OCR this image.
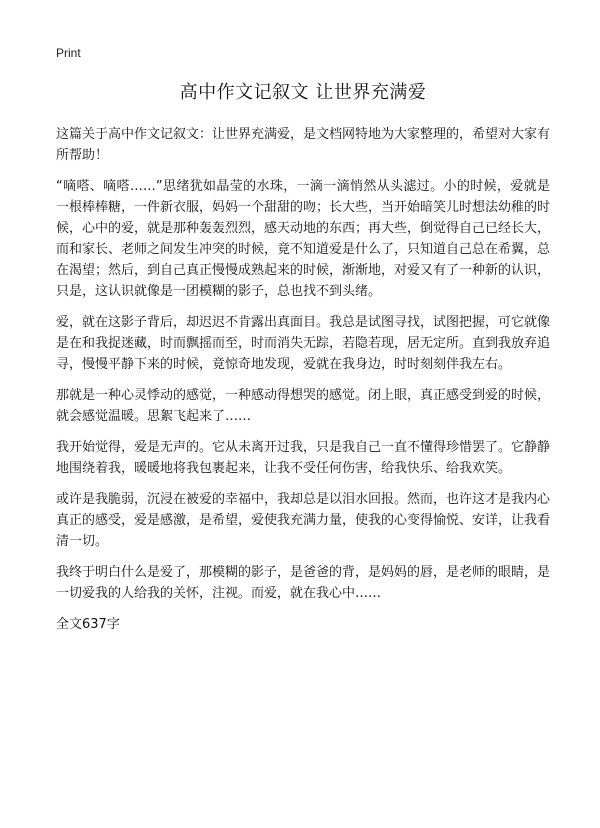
Print
高中作文记叙文 让世界充满爱

这篇关于高中作文记叙文：让世界充满爱，是文档网特地为大家整理的，希望对大家有所帮助！

“嘀嗒、嘀嗒……”思绪犹如晶莹的水珠，一滴一滴悄然从头滤过。小的时候，爱就是一根棒棒糖，一件新衣服，妈妈一个甜甜的吻；长大些，当开始暗笑儿时想法幼稚的时候，心中的爱，就是那种轰轰烈烈，感天动地的东西；再大些，倒觉得自己已经长大，而和家长、老师之间发生冲突的时候，竟不知道爱是什么了，只知道自己总在希翼，总在渴望；然后，到自己真正慢慢成熟起来的时候，渐渐地，对爱又有了一种新的认识，只是，这认识就像是一团模糊的影子，总也找不到头绪。

爱，就在这影子背后，却迟迟不肯露出真面目。我总是试图寻找，试图把握，可它就像是在和我捉迷藏，时而飘摇而至，时而消失无踪，若隐若现，居无定所。直到我放弃追寻，慢慢平静下来的时候，竟惊奇地发现，爱就在我身边，时时刻刻伴我左右。

那就是一种心灵悸动的感觉，一种感动得想哭的感觉。闭上眼，真正感受到爱的时候，就会感觉温暖。思絮飞起来了……

我开始觉得，爱是无声的。它从未离开过我，只是我自己一直不懂得珍惜罢了。它静静地围绕着我，暖暖地将我包裹起来，让我不受任何伤害，给我快乐、给我欢笑。

或许是我脆弱，沉浸在被爱的幸福中，我却总是以泪水回报。然而，也许这才是我内心真正的感受，爱是感激，是希望，爱使我充满力量，使我的心变得愉悦、安详，让我看清一切。

我终于明白什么是爱了，那模糊的影子，是爸爸的背，是妈妈的唇，是老师的眼睛，是一切爱我的人给我的关怀，注视。而爱，就在我心中……

全文637字
